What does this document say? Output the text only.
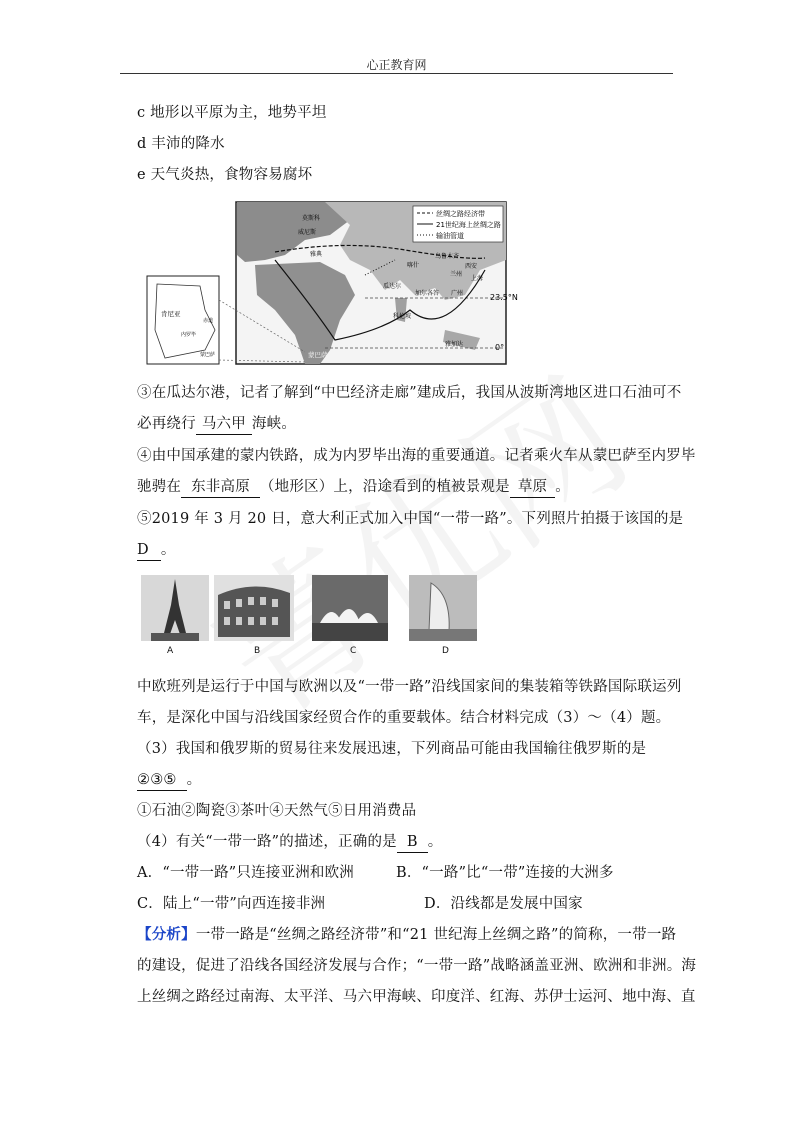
心正教育网
c 地形以平原为主，地势平坦
d 丰沛的降水
e 天气炎热，食物容易腐坏
丝绸之路经济带
21世纪海上丝绸之路
输油管道
莫斯科
威尼斯
雅典	乌鲁木齐
喀什	西安
兰州
上海
广州
瓜达尔
加尔各答
科伦坡
雅加达
蒙巴萨
23.5°N
0°
肯尼亚
赤道
内罗毕
蒙巴萨
③在瓜达尔港，记者了解到“中巴经济走廊”建成后，我国从波斯湾地区进口石油可不
必再绕行 马六甲 海峡。
④由中国承建的蒙内铁路，成为内罗毕出海的重要通道。记者乘火车从蒙巴萨至内罗毕
驰骋在 东非高原 （地形区）上，沿途看到的植被景观是 草原 。
⑤2019 年 3 月 20 日，意大利正式加入中国“一带一路”。下列照片拍摄于该国的是
D 。
A	B	C	D
中欧班列是运行于中国与欧洲以及“一带一路”沿线国家间的集装箱等铁路国际联运列
车，是深化中国与沿线国家经贸合作的重要载体。结合材料完成（3）～（4）题。
（3）我国和俄罗斯的贸易往来发展迅速，下列商品可能由我国输往俄罗斯的是
②③⑤ 。
①石油②陶瓷③茶叶④天然气⑤日用消费品
（4）有关“一带一路”的描述，正确的是 B 。
A．“一带一路”只连接亚洲和欧洲	B．“一路”比“一带”连接的大洲多
C．陆上“一带”向西连接非洲	D．沿线都是发展中国家
【分析】一带一路是“丝绸之路经济带”和“21 世纪海上丝绸之路”的简称，一带一路
的建设，促进了沿线各国经济发展与合作；“一带一路”战略涵盖亚洲、欧洲和非洲。海
上丝绸之路经过南海、太平洋、马六甲海峡、印度洋、红海、苏伊士运河、地中海、直
